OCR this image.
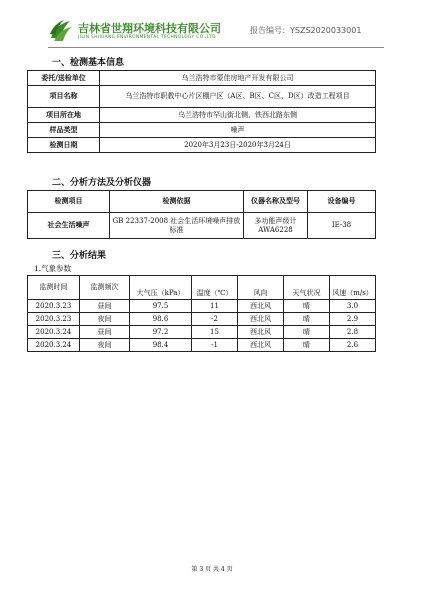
吉林省世翔环境科技有限公司
JILIN SHIXIANG ENVIRONMENTAL TECHNOLOGY CO.,LTD
报告编号：YSZS2020033001
一、检测基本信息
委托/送检单位	乌兰浩特市蒙佳房地产开发有限公司
项目名称	乌兰浩特市职教中心片区棚户区（A区、B区、C区、D区）改造工程项目
项目所在地	乌兰浩特市罕山街北侧、铁西北路东侧
样品类型	噪声
检测日期	2020年3月23日-2020年3月24日
二、分析方法及分析仪器
检测项目	检测依据	仪器名称及型号	设备编号
社会生活噪声	GB 22337-2008 社会生活环境噪声排放标准	多功能声级计 AWA6228	IE-38
三、分析结果
1.气象参数
监测时间	监测频次					
		大气压（kPa）	温度（℃）	风向	天气状况	风速（m/s）
2020.3.23	昼间	97.5	11	西北风	晴	3.0
2020.3.23	夜间	98.6	-2	西北风	晴	2.9
2020.3.24	昼间	97.2	15	西北风	晴	2.8
2020.3.24	夜间	98.4	-1	西北风	晴	2.6
第 3 页 共 4 页
